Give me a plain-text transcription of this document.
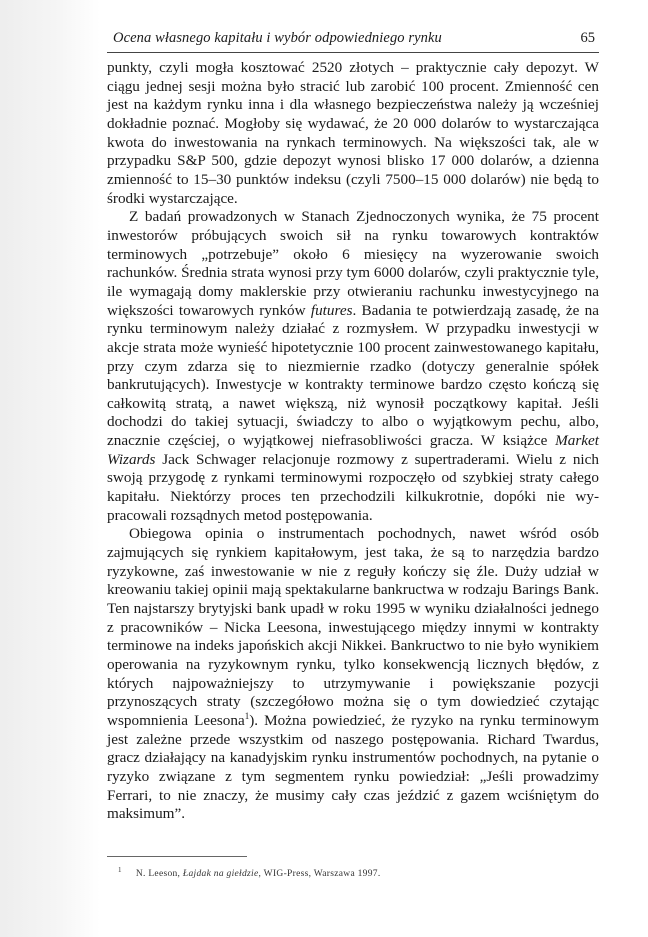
Ocena własnego kapitału i wybór odpowiedniego rynku	65

punkty, czyli mogła kosztować 2520 złotych – praktycznie cały depozyt. W ciągu jednej sesji można było stracić lub zarobić 100 procent. Zmienność cen jest na każdym rynku inna i dla własnego bezpieczeństwa należy ją wcześniej dokładnie poznać. Mogłoby się wydawać, że 20 000 dolarów to wystarczająca kwota do inwestowania na rynkach terminowych. Na większości tak, ale w przypadku S&P 500, gdzie depozyt wynosi blisko 17 000 dolarów, a dzienna zmienność to 15–30 punktów indeksu (czyli 7500–15 000 dolarów) nie będą to środki wystarczające.

Z badań prowadzonych w Stanach Zjednoczonych wynika, że 75 procent inwestorów próbujących swoich sił na rynku towarowych kontraktów terminowych „potrzebuje” około 6 miesięcy na wyzerowanie swoich rachunków. Średnia strata wynosi przy tym 6000 dolarów, czyli praktycznie tyle, ile wymagają domy maklerskie przy otwieraniu rachunku inwestycyjnego na większości towarowych rynków futures. Badania te potwierdzają zasadę, że na rynku terminowym należy działać z rozmysłem. W przypadku inwestycji w akcje strata może wynieść hipotetycznie 100 procent zainwestowanego kapitału, przy czym zdarza się to niezmiernie rzadko (dotyczy generalnie spółek bankrutujących). Inwestycje w kontrakty terminowe bardzo często kończą się całkowitą stratą, a nawet większą, niż wynosił początkowy kapitał. Jeśli dochodzi do takiej sytuacji, świadczy to albo o wyjątkowym pechu, albo, znacznie częściej, o wyjątkowej niefrasobliwości gracza. W książce Market Wizards Jack Schwager relacjonuje rozmowy z supertraderami. Wielu z nich swoją przygodę z rynkami terminowymi rozpoczęło od szybkiej straty całego kapitału. Niektórzy proces ten przechodzili kilkukrotnie, dopóki nie wypracowali rozsądnych metod postępowania.

Obiegowa opinia o instrumentach pochodnych, nawet wśród osób zajmujących się rynkiem kapitałowym, jest taka, że są to narzędzia bardzo ryzykowne, zaś inwestowanie w nie z reguły kończy się źle. Duży udział w kreowaniu takiej opinii mają spektakularne bankructwa w rodzaju Barings Bank. Ten najstarszy brytyjski bank upadł w roku 1995 w wyniku działalności jednego z pracowników – Nicka Leesona, inwestującego między innymi w kontrakty terminowe na indeks japońskich akcji Nikkei. Bankructwo to nie było wynikiem operowania na ryzykownym rynku, tylko konsekwencją licznych błędów, z których najpoważniejszy to utrzymywanie i powiększanie pozycji przynoszących straty (szczegółowo można się o tym dowiedzieć czytając wspomnienia Leesona$^1$). Można powiedzieć, że ryzyko na rynku terminowym jest zależne przede wszystkim od naszego postępowania. Richard Twardus, gracz działający na kanadyjskim rynku instrumentów pochodnych, na pytanie o ryzyko związane z tym segmentem rynku powiedział: „Jeśli prowadzimy Ferrari, to nie znaczy, że musimy cały czas jeździć z gazem wciśniętym do maksimum”.

$^1$ N. Leeson, Łajdak na giełdzie, WIG-Press, Warszawa 1997.
